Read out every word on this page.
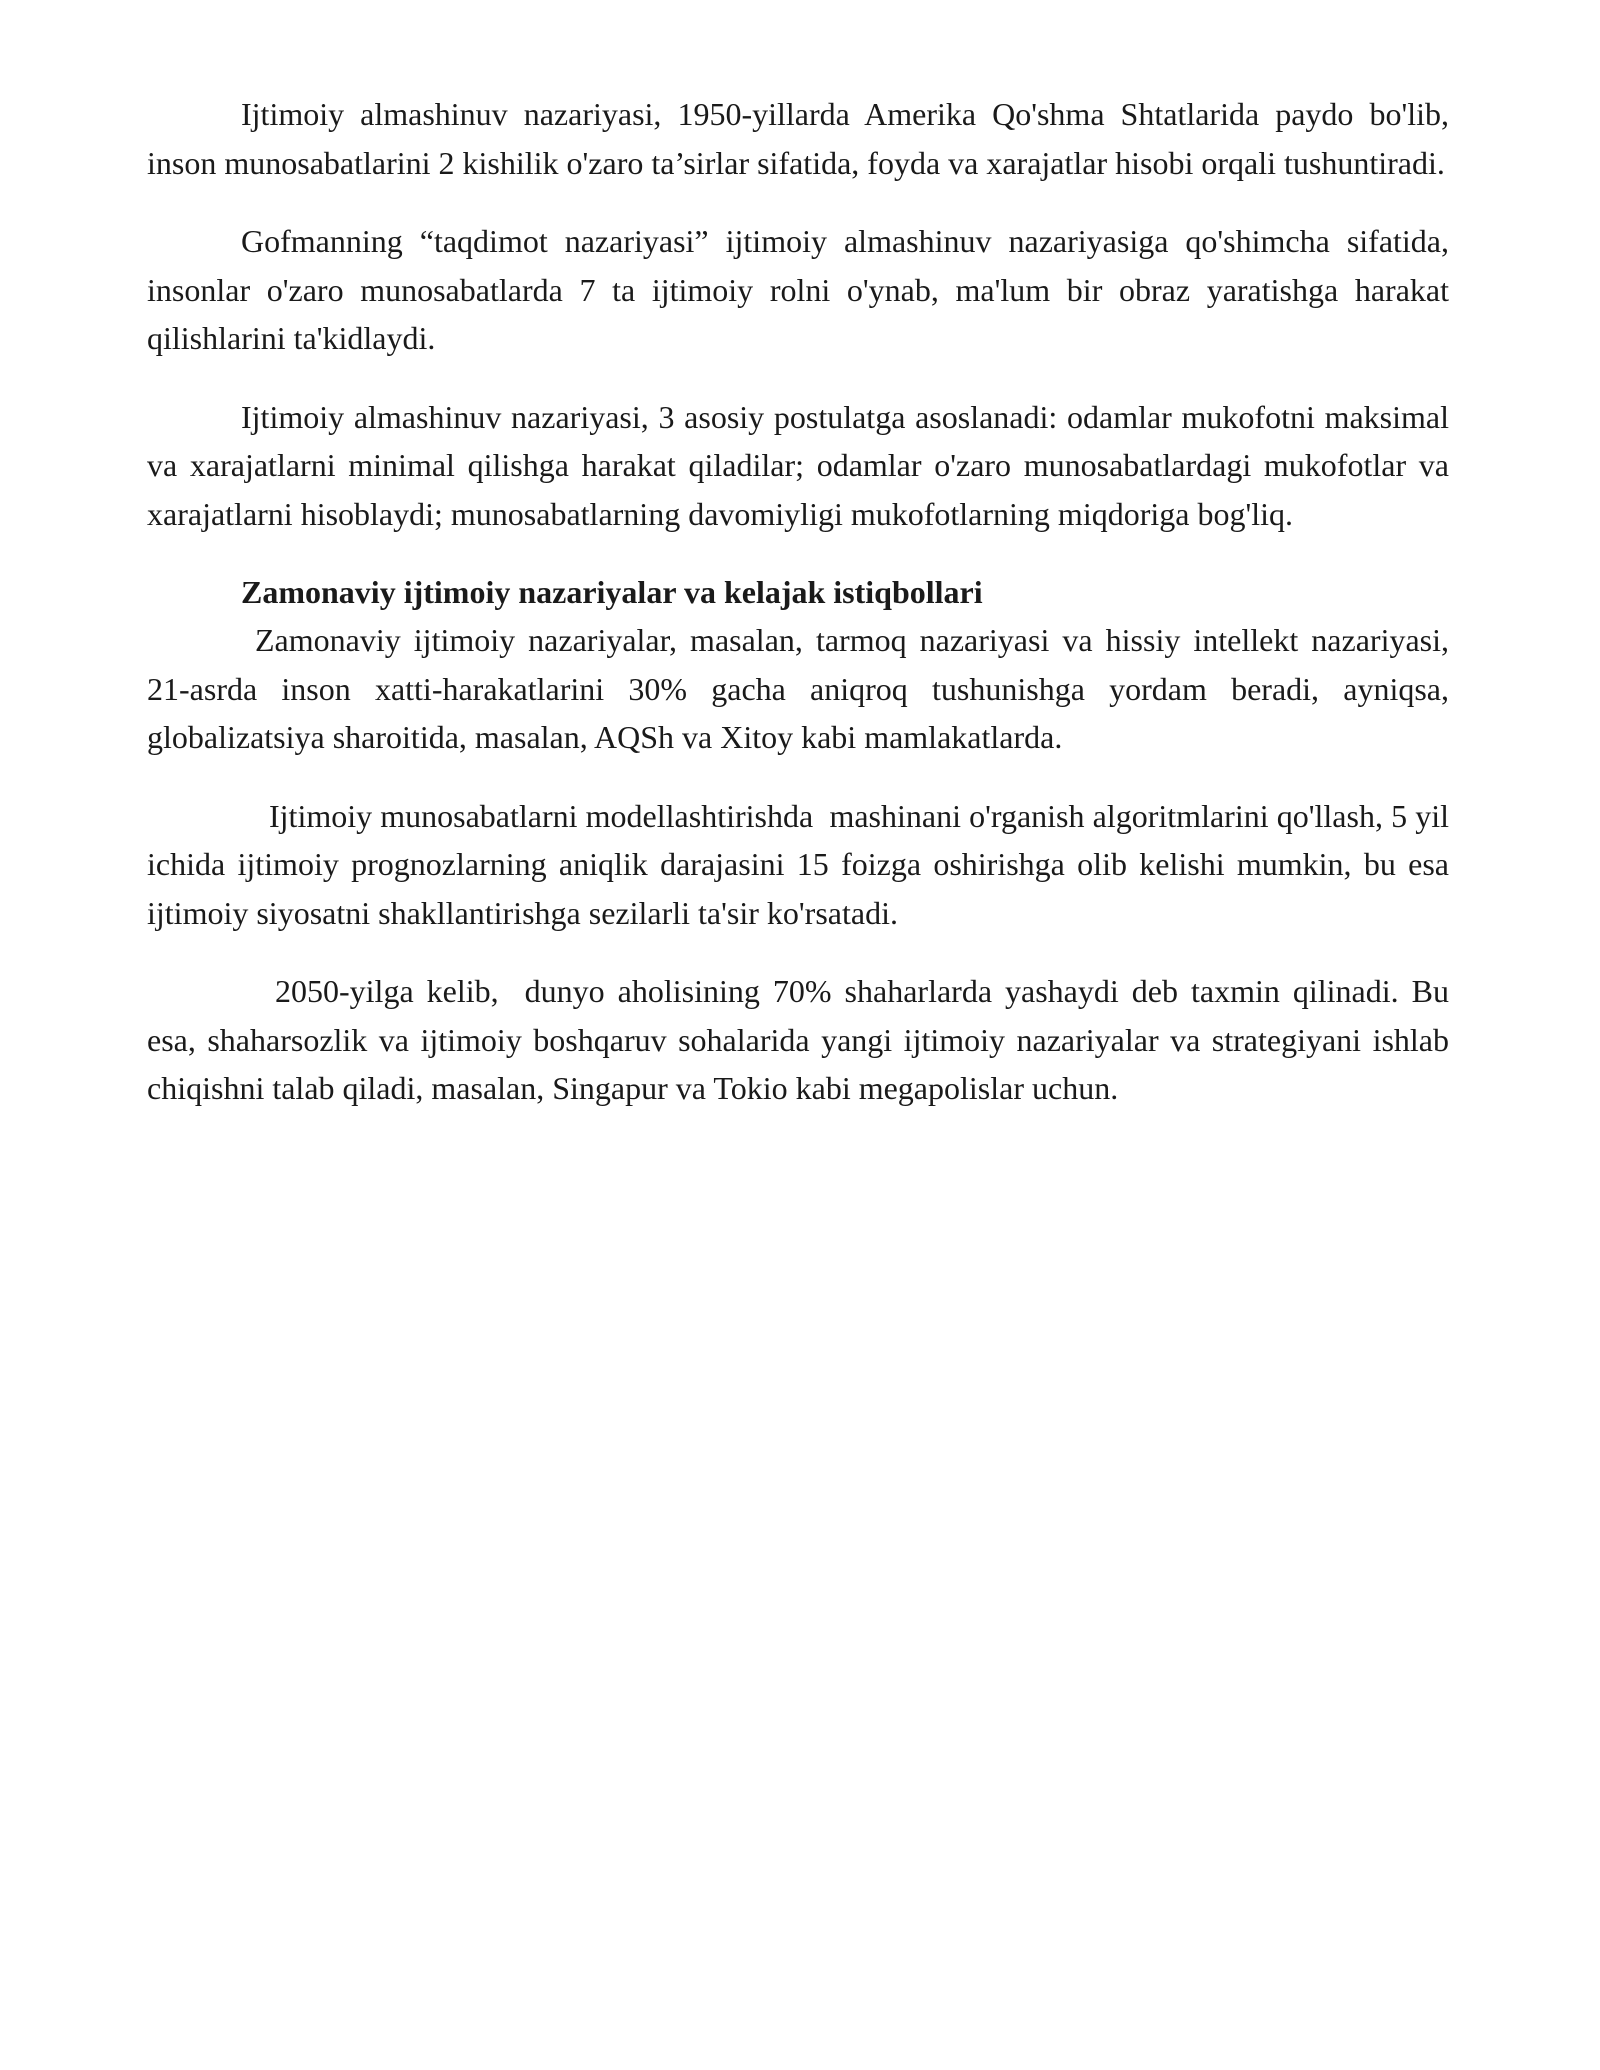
Ijtimoiy almashinuv nazariyasi, 1950-yillarda Amerika Qo'shma Shtatlarida paydo bo'lib, inson munosabatlarini 2 kishilik o'zaro ta’sirlar sifatida, foyda va xarajatlar hisobi orqali tushuntiradi.

Gofmanning “taqdimot nazariyasi” ijtimoiy almashinuv nazariyasiga qo'shimcha sifatida, insonlar o'zaro munosabatlarda 7 ta ijtimoiy rolni o'ynab, ma'lum bir obraz yaratishga harakat qilishlarini ta'kidlaydi.

Ijtimoiy almashinuv nazariyasi, 3 asosiy postulatga asoslanadi: odamlar mukofotni maksimal va xarajatlarni minimal qilishga harakat qiladilar; odamlar o'zaro munosabatlardagi mukofotlar va xarajatlarni hisoblaydi; munosabatlarning davomiyligi mukofotlarning miqdoriga bog'liq.

Zamonaviy ijtimoiy nazariyalar va kelajak istiqbollari

Zamonaviy ijtimoiy nazariyalar, masalan, tarmoq nazariyasi va hissiy intellekt nazariyasi, 21-asrda inson xatti-harakatlarini 30% gacha aniqroq tushunishga yordam beradi, ayniqsa, globalizatsiya sharoitida, masalan, AQSh va Xitoy kabi mamlakatlarda.

Ijtimoiy munosabatlarni modellashtirishda  mashinani o'rganish algoritmlarini qo'llash, 5 yil ichida ijtimoiy prognozlarning aniqlik darajasini 15 foizga oshirishga olib kelishi mumkin, bu esa ijtimoiy siyosatni shakllantirishga sezilarli ta'sir ko'rsatadi.

2050-yilga kelib,  dunyo aholisining 70% shaharlarda yashaydi deb taxmin qilinadi. Bu esa, shaharsozlik va ijtimoiy boshqaruv sohalarida yangi ijtimoiy nazariyalar va strategiyani ishlab chiqishni talab qiladi, masalan, Singapur va Tokio kabi megapolislar uchun.
